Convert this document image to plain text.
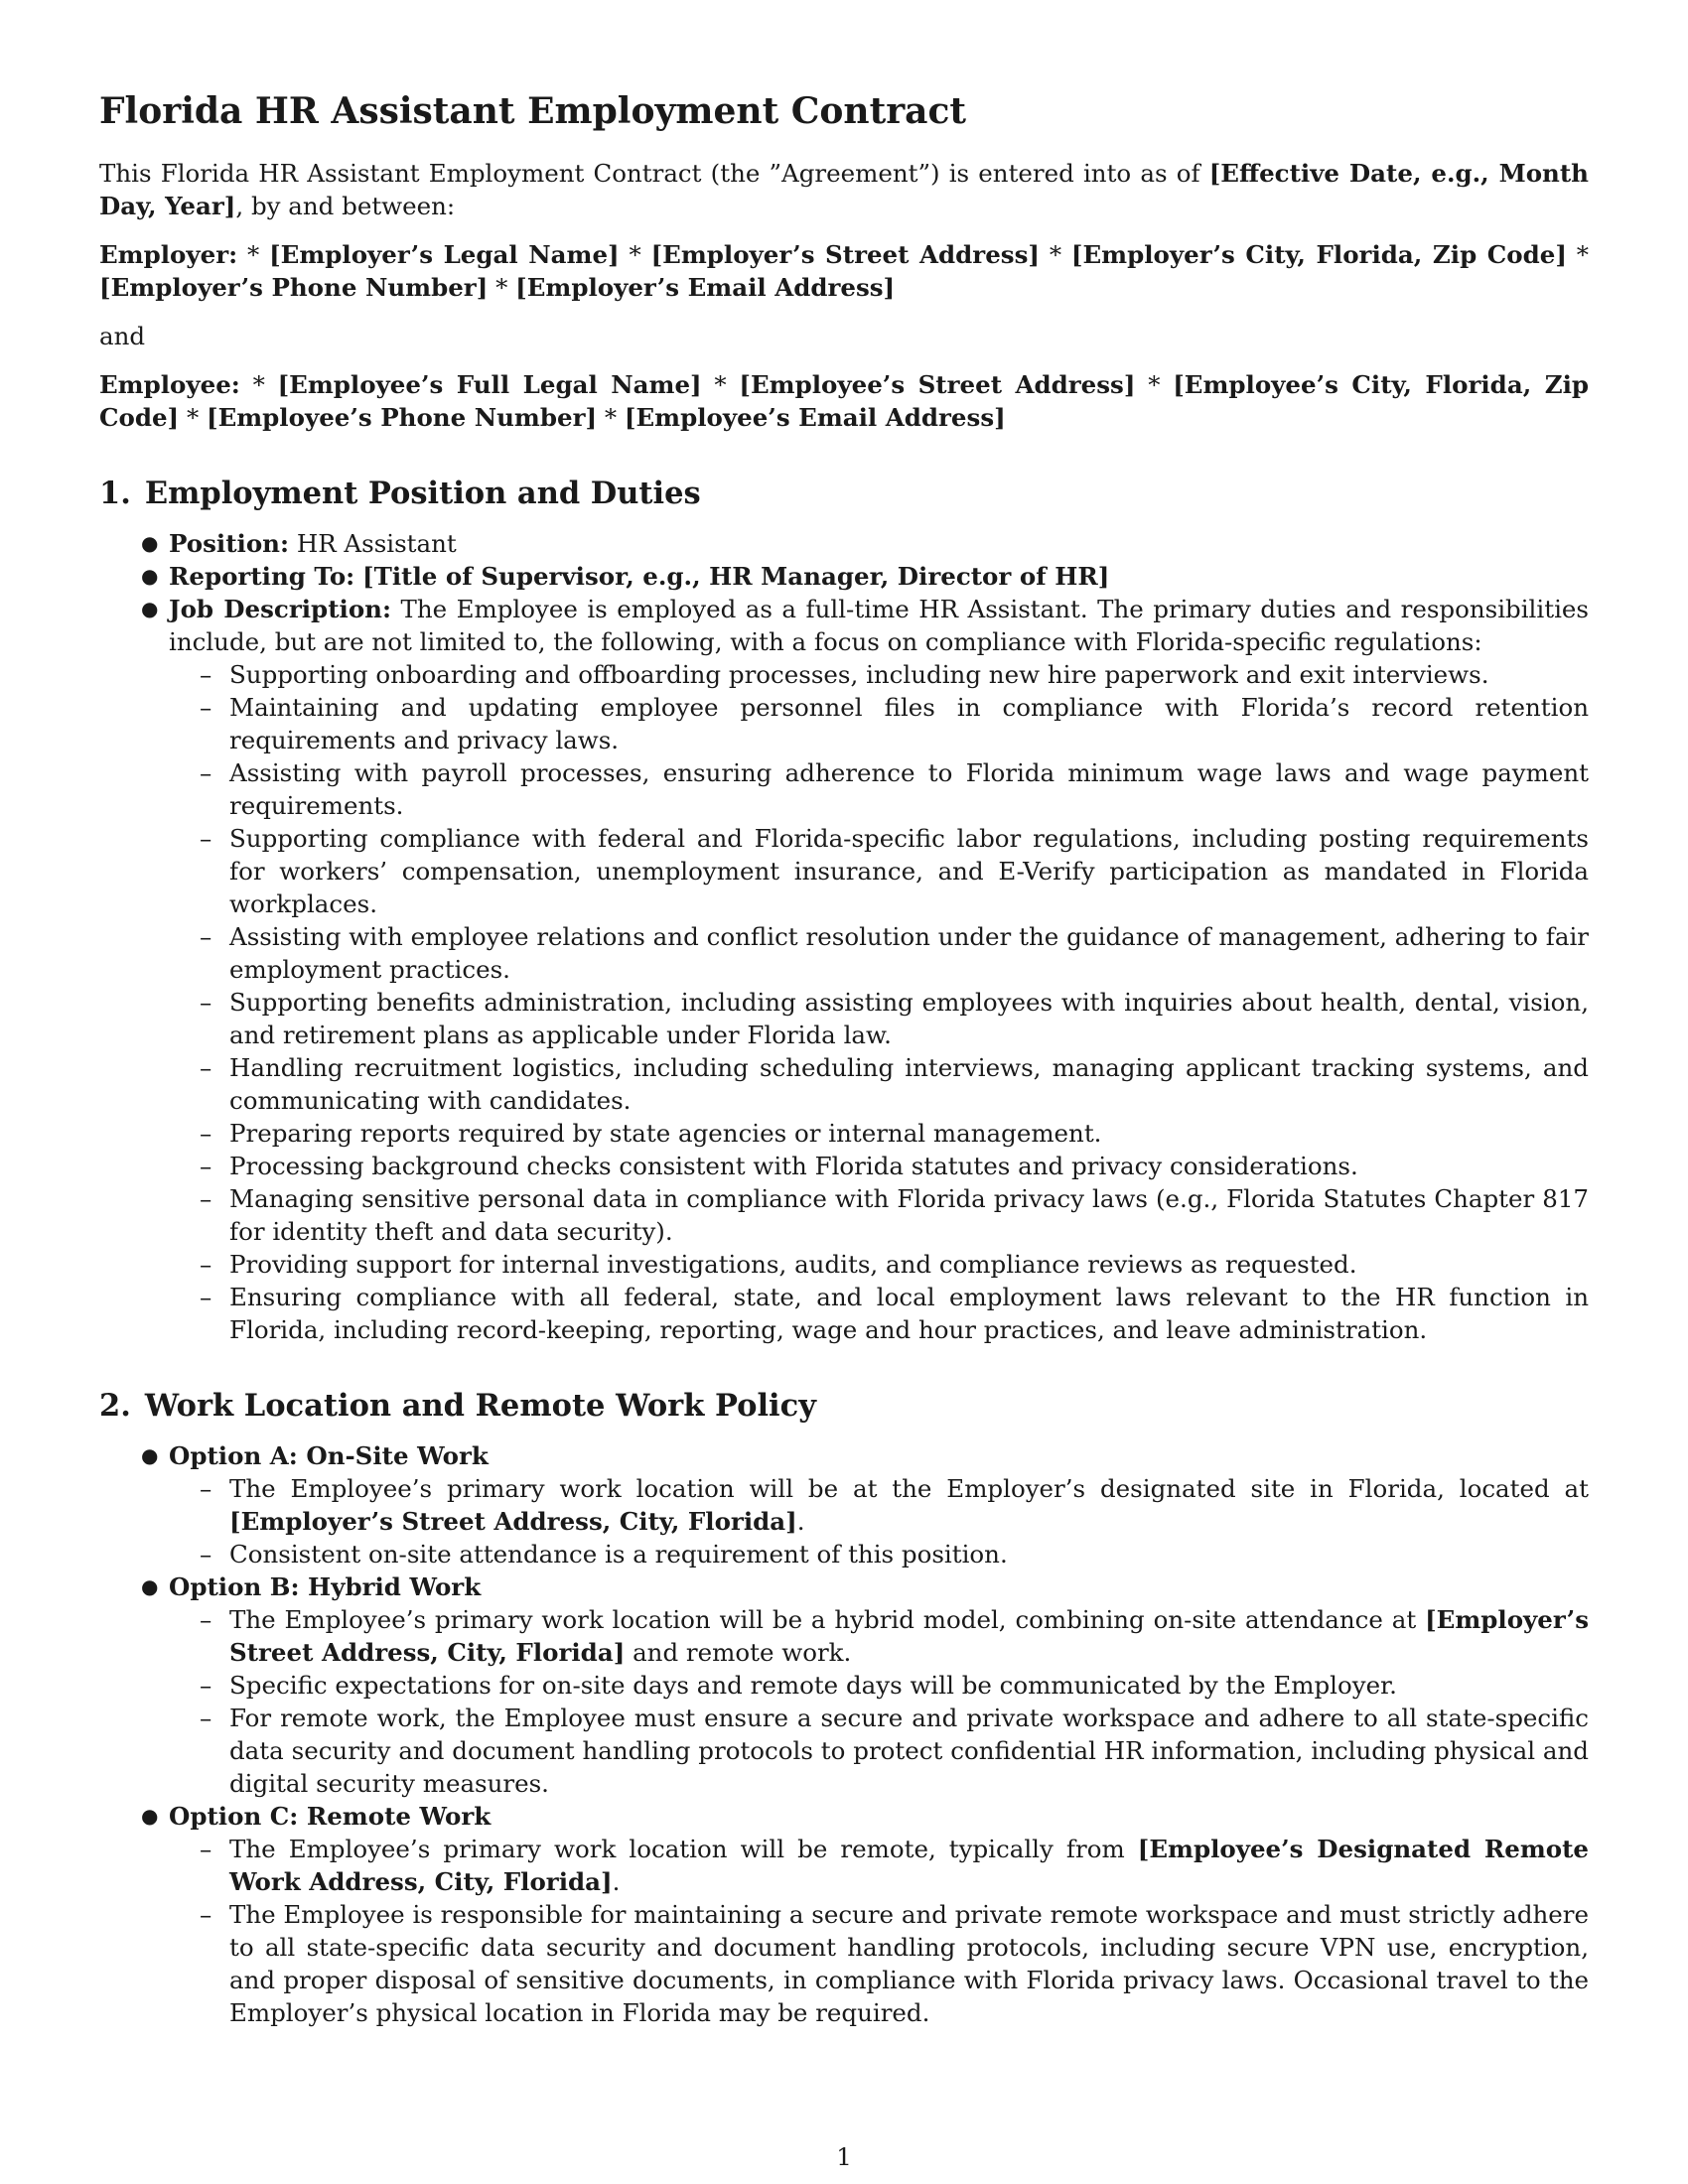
Florida HR Assistant Employment Contract

This Florida HR Assistant Employment Contract (the ”Agreement”) is entered into as of [Effective Date, e.g., Month Day, Year], by and between:

Employer: * [Employer’s Legal Name] * [Employer’s Street Address] * [Employer’s City, Florida, Zip Code] * [Employer’s Phone Number] * [Employer’s Email Address]

and

Employee: * [Employee’s Full Legal Name] * [Employee’s Street Address] * [Employee’s City, Florida, Zip Code] * [Employee’s Phone Number] * [Employee’s Email Address]

1. Employment Position and Duties
● Position: HR Assistant
● Reporting To: [Title of Supervisor, e.g., HR Manager, Director of HR]
● Job Description: The Employee is employed as a full-time HR Assistant. The primary duties and responsibilities include, but are not limited to, the following, with a focus on compliance with Florida-specific regulations:
– Supporting onboarding and offboarding processes, including new hire paperwork and exit interviews.
– Maintaining and updating employee personnel files in compliance with Florida’s record retention requirements and privacy laws.
– Assisting with payroll processes, ensuring adherence to Florida minimum wage laws and wage payment requirements.
– Supporting compliance with federal and Florida-specific labor regulations, including posting requirements for workers’ compensation, unemployment insurance, and E-Verify participation as mandated in Florida workplaces.
– Assisting with employee relations and conflict resolution under the guidance of management, adhering to fair employment practices.
– Supporting benefits administration, including assisting employees with inquiries about health, dental, vision, and retirement plans as applicable under Florida law.
– Handling recruitment logistics, including scheduling interviews, managing applicant tracking systems, and communicating with candidates.
– Preparing reports required by state agencies or internal management.
– Processing background checks consistent with Florida statutes and privacy considerations.
– Managing sensitive personal data in compliance with Florida privacy laws (e.g., Florida Statutes Chapter 817 for identity theft and data security).
– Providing support for internal investigations, audits, and compliance reviews as requested.
– Ensuring compliance with all federal, state, and local employment laws relevant to the HR function in Florida, including record-keeping, reporting, wage and hour practices, and leave administration.
2. Work Location and Remote Work Policy
● Option A: On-Site Work
– The Employee’s primary work location will be at the Employer’s designated site in Florida, located at [Employer’s Street Address, City, Florida].
– Consistent on-site attendance is a requirement of this position.
● Option B: Hybrid Work
– The Employee’s primary work location will be a hybrid model, combining on-site attendance at [Employer’s Street Address, City, Florida] and remote work.
– Specific expectations for on-site days and remote days will be communicated by the Employer.
– For remote work, the Employee must ensure a secure and private workspace and adhere to all state-specific data security and document handling protocols to protect confidential HR information, including physical and digital security measures.
● Option C: Remote Work
– The Employee’s primary work location will be remote, typically from [Employee’s Designated Remote Work Address, City, Florida].
– The Employee is responsible for maintaining a secure and private remote workspace and must strictly adhere to all state-specific data security and document handling protocols, including secure VPN use, encryption, and proper disposal of sensitive documents, in compliance with Florida privacy laws. Occasional travel to the Employer’s physical location in Florida may be required.
1
